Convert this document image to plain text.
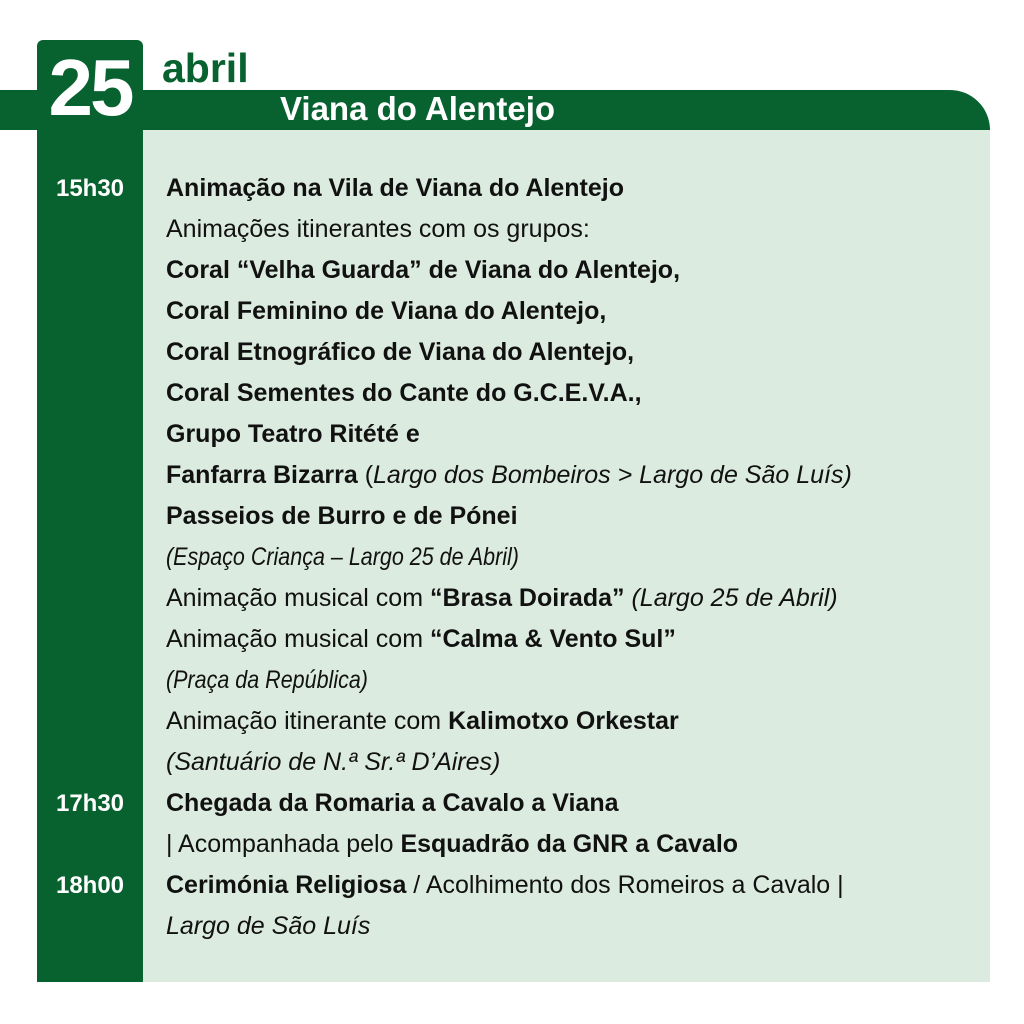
25 abril
Viana do Alentejo
15h30
17h30
18h00
Animação na Vila de Viana do Alentejo
Animações itinerantes com os grupos:
Coral “Velha Guarda” de Viana do Alentejo,
Coral Feminino de Viana do Alentejo,
Coral Etnográfico de Viana do Alentejo,
Coral Sementes do Cante do G.C.E.V.A.,
Grupo Teatro Ritété e
Fanfarra Bizarra (Largo dos Bombeiros > Largo de São Luís)
Passeios de Burro e de Pónei
(Espaço Criança – Largo 25 de Abril)
Animação musical com “Brasa Doirada” (Largo 25 de Abril)
Animação musical com “Calma & Vento Sul”
(Praça da República)
Animação itinerante com Kalimotxo Orkestar
(Santuário de N.ª Sr.ª D’Aires)
Chegada da Romaria a Cavalo a Viana
| Acompanhada pelo Esquadrão da GNR a Cavalo
Cerimónia Religiosa / Acolhimento dos Romeiros a Cavalo |
Largo de São Luís
